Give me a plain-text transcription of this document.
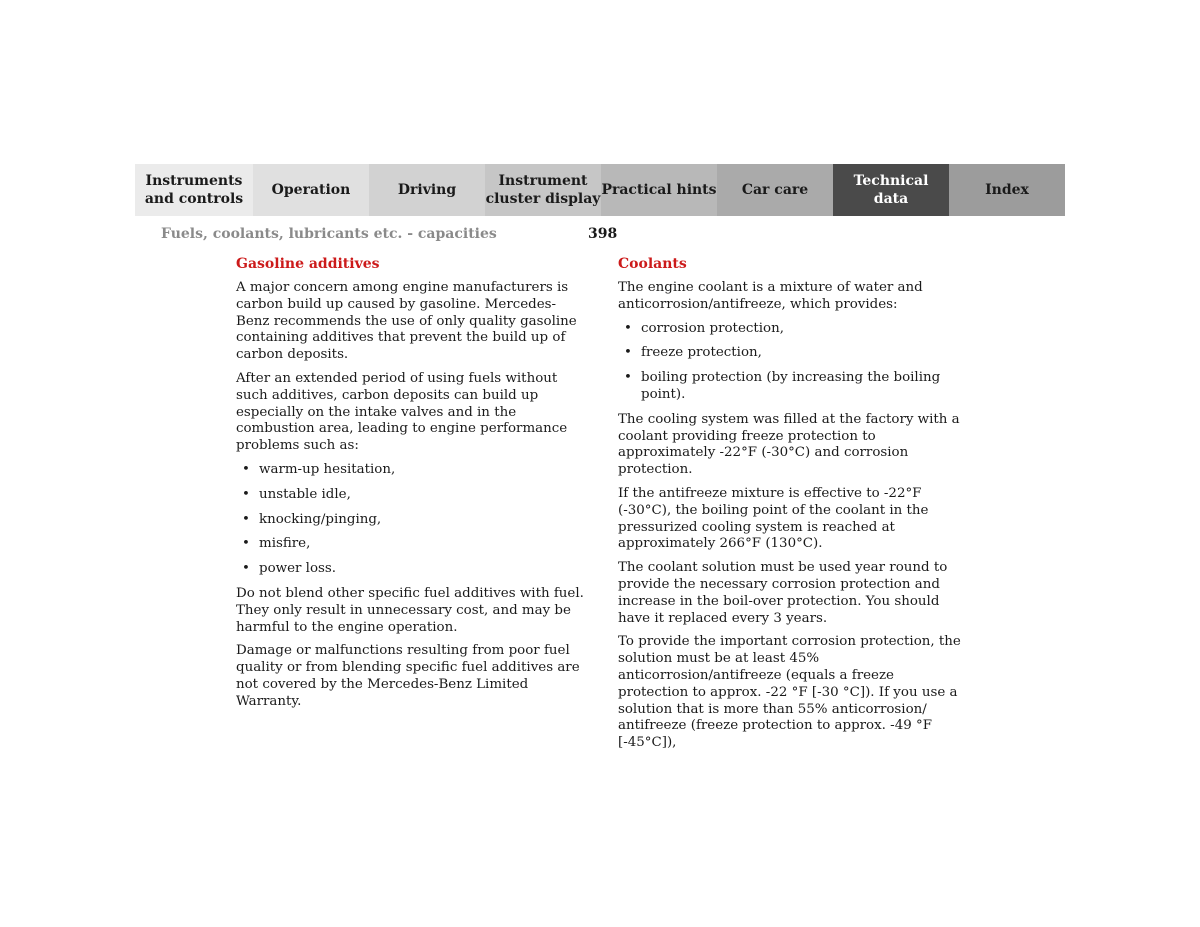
Instruments
and controls
Operation	Driving
Instrument
cluster display
Practical hints Car care
Technical
data
Index
Fuels, coolants, lubricants etc. - capacities	398
Gasoline additives

A major concern among engine manufacturers is carbon build up caused by gasoline. Mercedes-Benz recommends the use of only quality gasoline containing additives that prevent the build up of carbon deposits.

After an extended period of using fuels without such additives, carbon deposits can build up especially on the intake valves and in the combustion area, leading to engine performance problems such as:

• warm-up hesitation,
• unstable idle,
• knocking/pinging,
• misfire,
• power loss.

Do not blend other specific fuel additives with fuel. They only result in unnecessary cost, and may be harmful to the engine operation.

Damage or malfunctions resulting from poor fuel quality or from blending specific fuel additives are not covered by the Mercedes-Benz Limited Warranty.

Coolants

The engine coolant is a mixture of water and anticorrosion/antifreeze, which provides:

• corrosion protection,
• freeze protection,
• boiling protection (by increasing the boiling point).

The cooling system was filled at the factory with a coolant providing freeze protection to approximately -22°F (-30°C) and corrosion protection.

If the antifreeze mixture is effective to -22°F (-30°C), the boiling point of the coolant in the pressurized cooling system is reached at approximately 266°F (130°C).

The coolant solution must be used year round to provide the necessary corrosion protection and increase in the boil-over protection. You should have it replaced every 3 years.

To provide the important corrosion protection, the solution must be at least 45% anticorrosion/antifreeze (equals a freeze protection to approx. -22 °F [-30 °C]). If you use a solution that is more than 55% anticorrosion/ antifreeze (freeze protection to approx. -49 °F [-45°C]),
